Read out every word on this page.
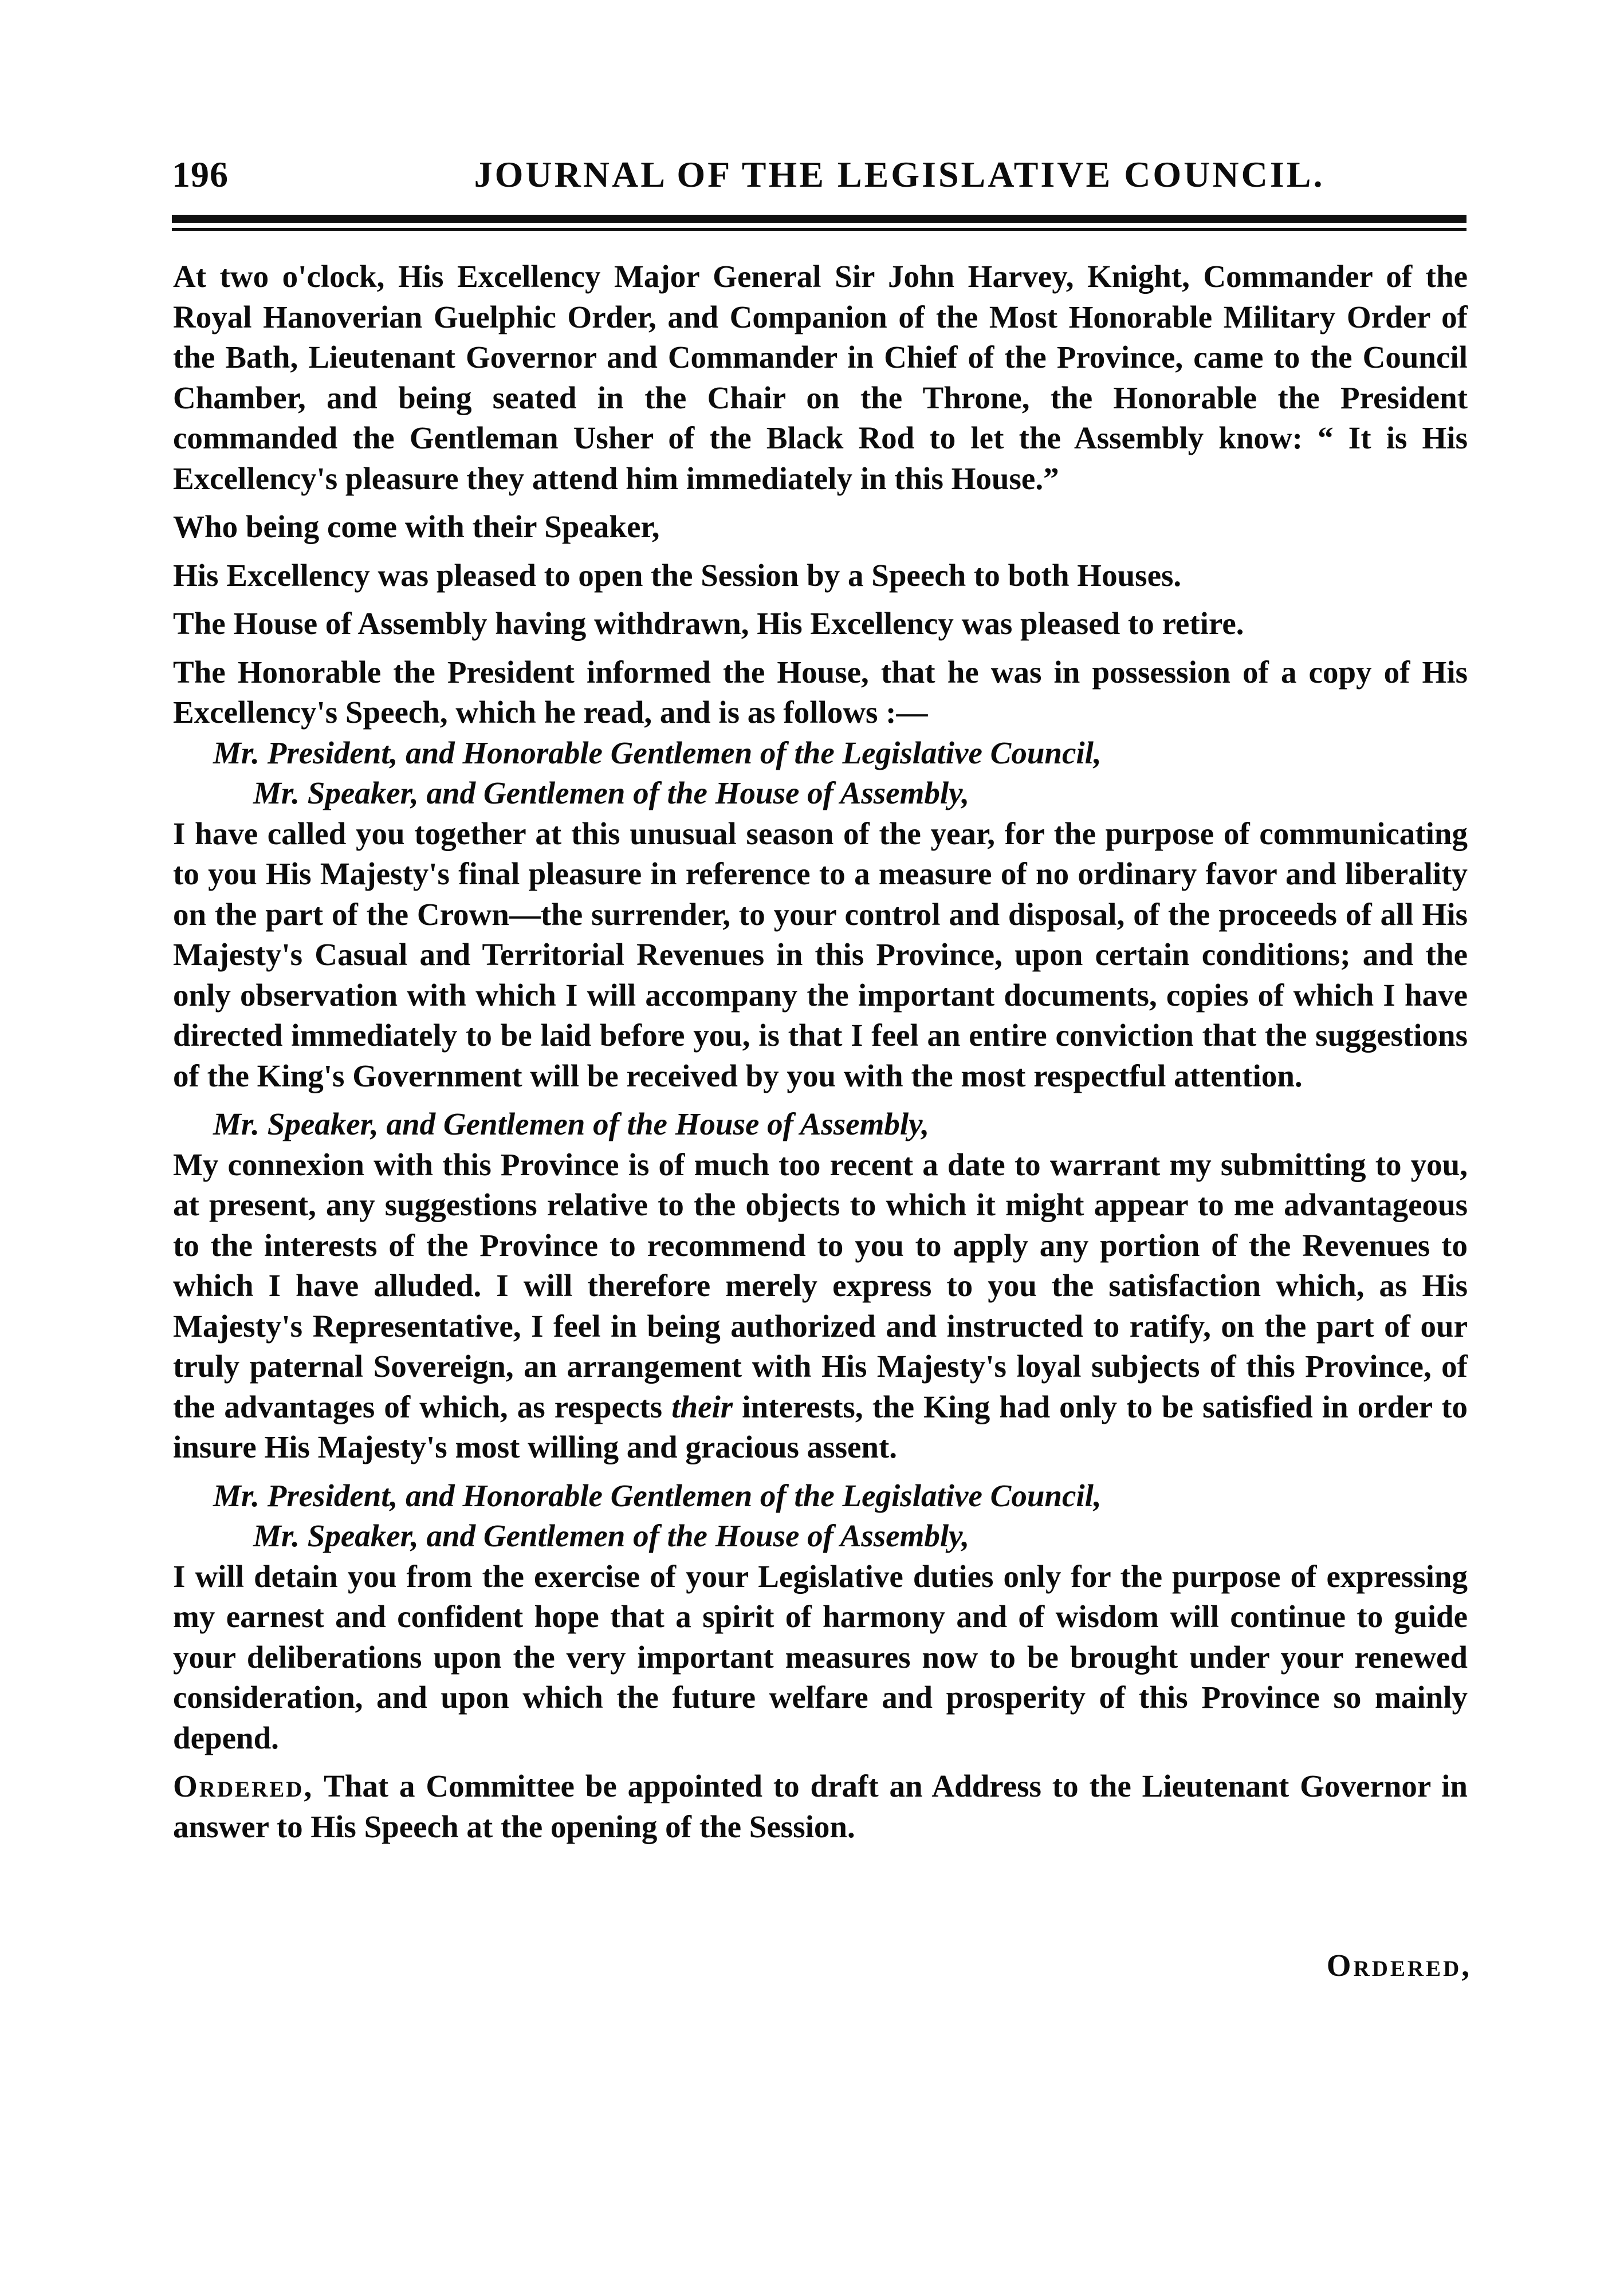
196	JOURNAL OF THE LEGISLATIVE COUNCIL.

At two o'clock, His Excellency Major General Sir John Harvey, Knight, Commander of the Royal Hanoverian Guelphic Order, and Companion of the Most Honorable Military Order of the Bath, Lieutenant Governor and Commander in Chief of the Province, came to the Council Chamber, and being seated in the Chair on the Throne, the Honorable the President commanded the Gentleman Usher of the Black Rod to let the Assembly know: “ It is His Excellency's pleasure they attend him immediately in this House.”

Who being come with their Speaker,

His Excellency was pleased to open the Session by a Speech to both Houses.

The House of Assembly having withdrawn, His Excellency was pleased to retire.

The Honorable the President informed the House, that he was in possession of a copy of His Excellency's Speech, which he read, and is as follows :—

Mr. President, and Honorable Gentlemen of the Legislative Council,

Mr. Speaker, and Gentlemen of the House of Assembly,

I have called you together at this unusual season of the year, for the purpose of communicating to you His Majesty's final pleasure in reference to a measure of no ordinary favor and liberality on the part of the Crown—the surrender, to your control and disposal, of the proceeds of all His Majesty's Casual and Territorial Revenues in this Province, upon certain conditions; and the only observation with which I will accompany the important documents, copies of which I have directed immediately to be laid before you, is that I feel an entire conviction that the suggestions of the King's Government will be received by you with the most respectful attention.

Mr. Speaker, and Gentlemen of the House of Assembly,

My connexion with this Province is of much too recent a date to warrant my submitting to you, at present, any suggestions relative to the objects to which it might appear to me advantageous to the interests of the Province to recommend to you to apply any portion of the Revenues to which I have alluded. I will therefore merely express to you the satisfaction which, as His Majesty's Representative, I feel in being authorized and instructed to ratify, on the part of our truly paternal Sovereign, an arrangement with His Majesty's loyal subjects of this Province, of the advantages of which, as respects their interests, the King had only to be satisfied in order to insure His Majesty's most willing and gracious assent.

Mr. President, and Honorable Gentlemen of the Legislative Council,

Mr. Speaker, and Gentlemen of the House of Assembly,

I will detain you from the exercise of your Legislative duties only for the purpose of expressing my earnest and confident hope that a spirit of harmony and of wisdom will continue to guide your deliberations upon the very important measures now to be brought under your renewed consideration, and upon which the future welfare and prosperity of this Province so mainly depend.

Ordered, That a Committee be appointed to draft an Address to the Lieutenant Governor in answer to His Speech at the opening of the Session.

Ordered,
